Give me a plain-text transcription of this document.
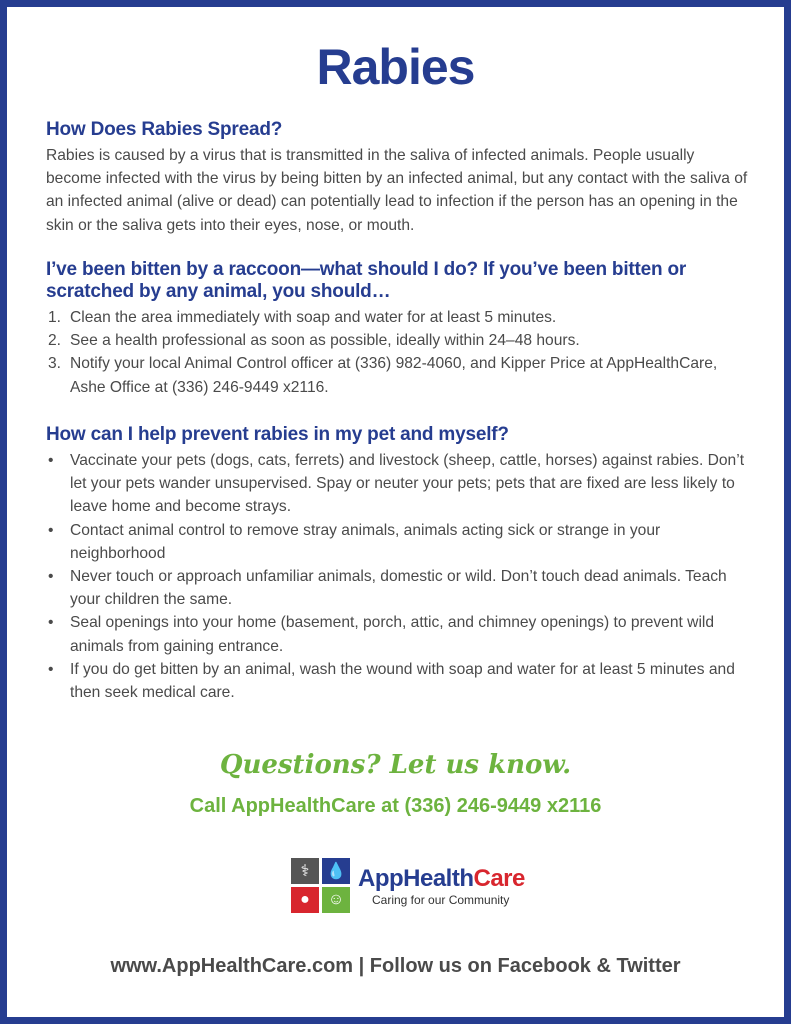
Rabies
How Does Rabies Spread?

Rabies is caused by a virus that is transmitted in the saliva of infected animals. People usually become infected with the virus by being bitten by an infected animal, but any contact with the saliva of an infected animal (alive or dead) can potentially lead to infection if the person has an opening in the skin or the saliva gets into their eyes, nose, or mouth.

I’ve been bitten by a raccoon—what should I do? If you’ve been bitten or scratched by any animal, you should…
1. Clean the area immediately with soap and water for at least 5 minutes.
2. See a health professional as soon as possible, ideally within 24–48 hours.
3. Notify your local Animal Control officer at (336) 982-4060, and Kipper Price at AppHealthCare, Ashe Office at (336) 246-9449 x2116.
How can I help prevent rabies in my pet and myself?
• Vaccinate your pets (dogs, cats, ferrets) and livestock (sheep, cattle, horses) against rabies. Don’t let your pets wander unsupervised. Spay or neuter your pets; pets that are fixed are less likely to leave home and become strays.
• Contact animal control to remove stray animals, animals acting sick or strange in your neighborhood
• Never touch or approach unfamiliar animals, domestic or wild. Don’t touch dead animals. Teach your children the same.
• Seal openings into your home (basement, porch, attic, and chimney openings) to prevent wild animals from gaining entrance.
• If you do get bitten by an animal, wash the wound with soap and water for at least 5 minutes and then seek medical care.
Questions? Let us know.
Call AppHealthCare at (336) 246-9449 x2116
⚕	💧
●	☺
AppHealthCare
Caring for our Community
www.AppHealthCare.com | Follow us on Facebook & Twitter
